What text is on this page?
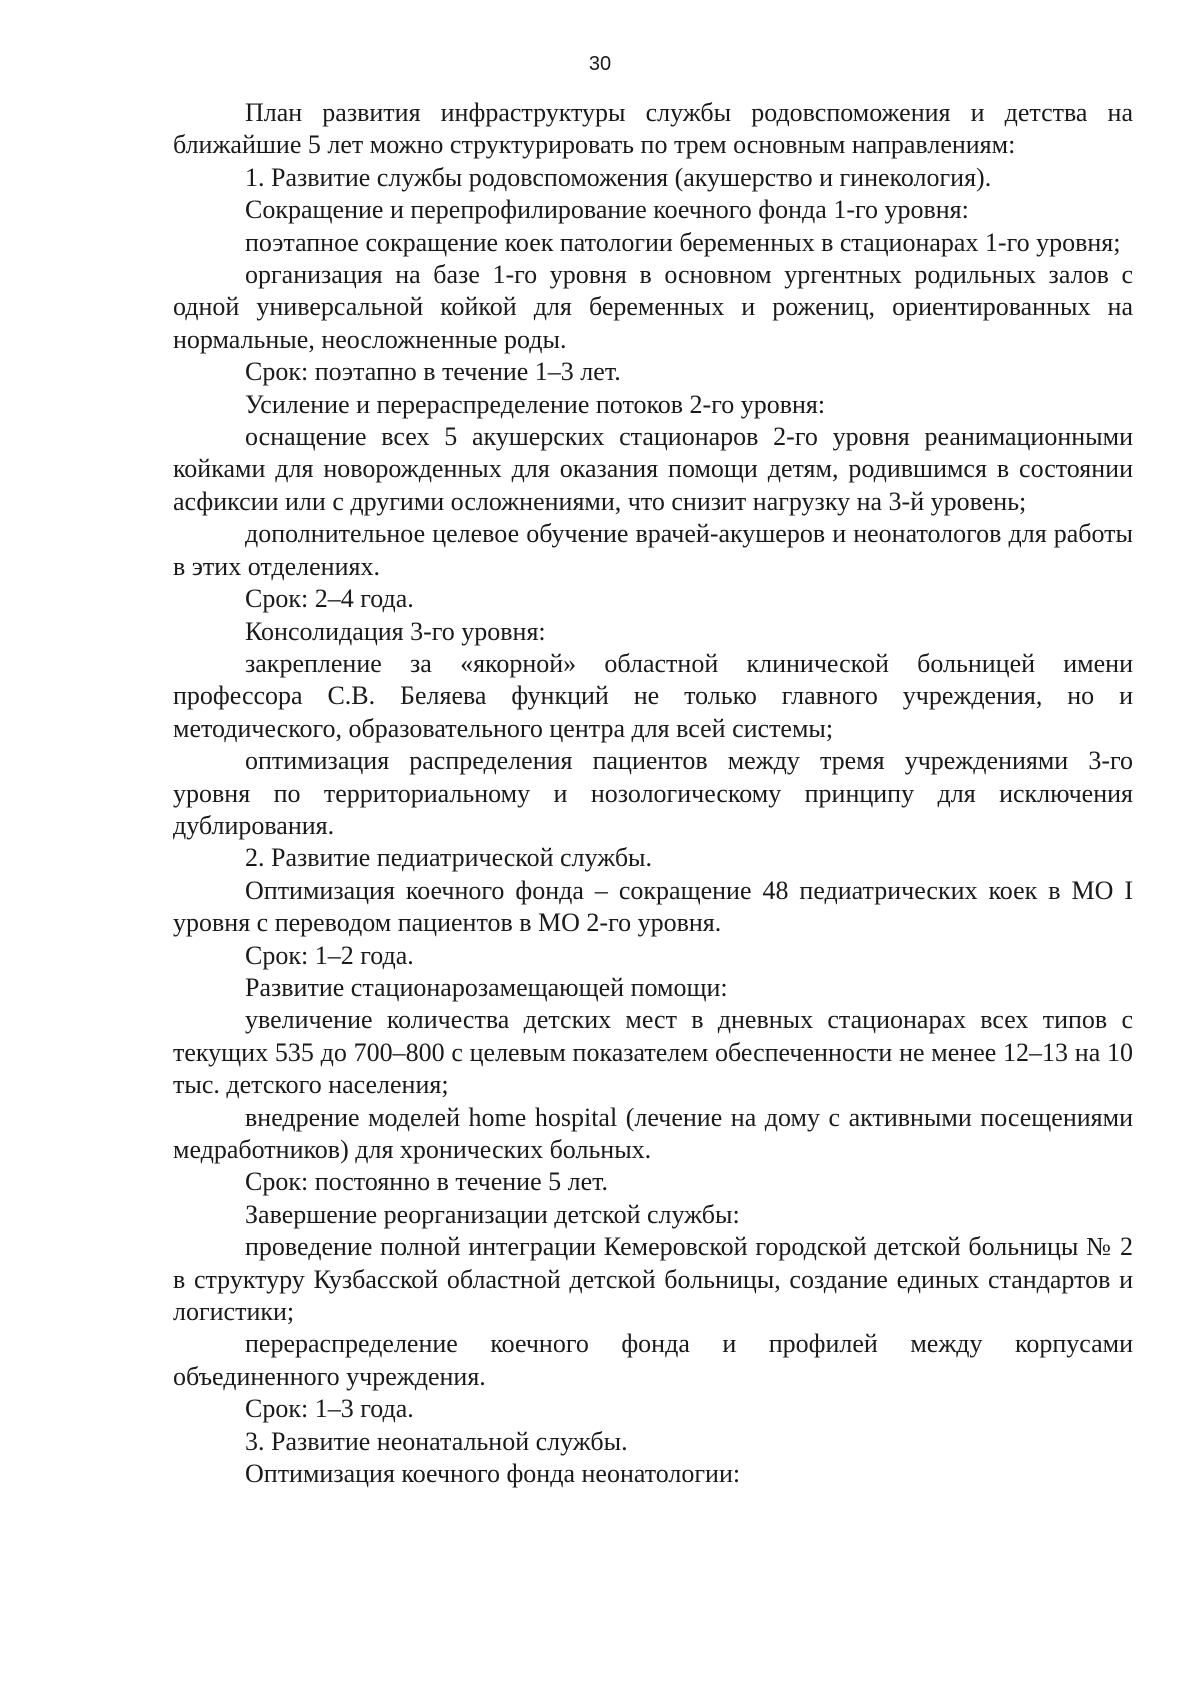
30

План развития инфраструктуры службы родовспоможения и детства на ближайшие 5 лет можно структурировать по трем основным направлениям:

1. Развитие службы родовспоможения (акушерство и гинекология).

Сокращение и перепрофилирование коечного фонда 1-го уровня:

поэтапное сокращение коек патологии беременных в стационарах 1-го уровня;

организация на базе 1-го уровня в основном ургентных родильных залов с одной универсальной койкой для беременных и рожениц, ориентированных на нормальные, неосложненные роды.

Срок: поэтапно в течение 1–3 лет.

Усиление и перераспределение потоков 2-го уровня:

оснащение всех 5 акушерских стационаров 2-го уровня реанимационными койками для новорожденных для оказания помощи детям, родившимся в состоянии асфиксии или с другими осложнениями, что снизит нагрузку на 3-й уровень;

дополнительное целевое обучение врачей-акушеров и неонатологов для работы в этих отделениях.

Срок: 2–4 года.

Консолидация 3-го уровня:

закрепление за «якорной» областной клинической больницей имени профессора С.В. Беляева функций не только главного учреждения, но и методического, образовательного центра для всей системы;

оптимизация распределения пациентов между тремя учреждениями 3-го уровня по территориальному и нозологическому принципу для исключения дублирования.

2. Развитие педиатрической службы.

Оптимизация коечного фонда – сокращение 48 педиатрических коек в МО I уровня с переводом пациентов в МО 2-го уровня.

Срок: 1–2 года.

Развитие стационарозамещающей помощи:

увеличение количества детских мест в дневных стационарах всех типов с текущих 535 до 700–800 с целевым показателем обеспеченности не менее 12–13 на 10 тыс. детского населения;

внедрение моделей home hospital (лечение на дому с активными посещениями медработников) для хронических больных.

Срок: постоянно в течение 5 лет.

Завершение реорганизации детской службы:

проведение полной интеграции Кемеровской городской детской больницы № 2 в структуру Кузбасской областной детской больницы, создание единых стандартов и логистики;

перераспределение коечного фонда и профилей между корпусами объединенного учреждения.

Срок: 1–3 года.

3. Развитие неонатальной службы.

Оптимизация коечного фонда неонатологии:
